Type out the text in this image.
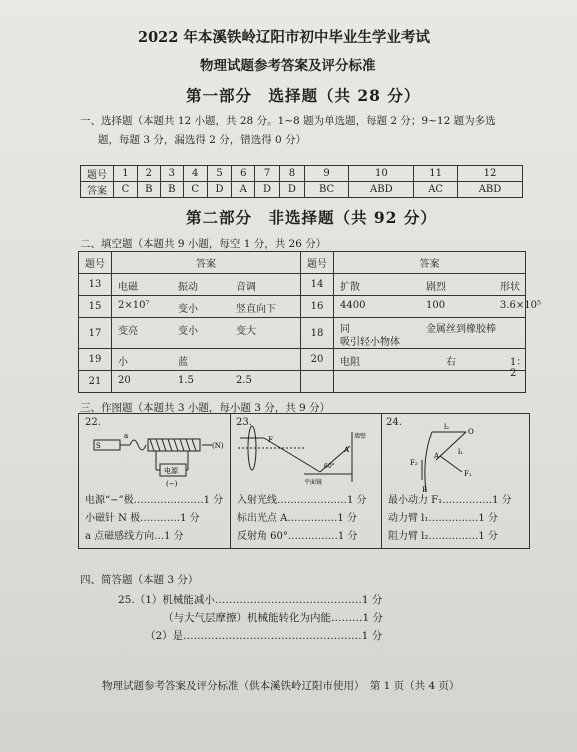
2022 年本溪铁岭辽阳市初中毕业生学业考试
物理试题参考答案及评分标准
第一部分　选择题（共 28 分）
一、选择题（本题共 12 小题，共 28 分。1~8 题为单选题，每题 2 分；9~12 题为多选
题，每题 3 分，漏选得 2 分，错选得 0 分）
题号	1	2	3	4	5	6	7	8	9	10	11	12
答案	C	B	B	C	D	A	D	D	BC	ABD	AC	ABD
第二部分　非选择题（共 92 分）
二、填空题（本题共 9 小题，每空 1 分，共 26 分）
题号	答案	题号	答案
13	电磁 振动 音调	14	扩散 剧烈 形状

15	2×10⁷ 变小 竖直向下	16	4400 100 3.6×10⁵

17	变亮 变小 变大	18	同 金属丝到橡胶棒
吸引轻小物体

19	小 蓝	20	电阻 右 1：2

21	20 1.5 2.5		

三、作图题（本题共 3 小题，每小题 3 分，共 9 分）
22.
S
a
电源
(−)
(N)
23.
F
A
60°
平面镜
墙壁
24.	l₂
O
F₂
F₁
A	l₁
B
电源“−”极…………………1 分
小磁针 N 极…………1 分
a 点磁感线方向…1 分
入射光线…………………1 分
标出光点 A……………1 分
反射角 60°……………1 分
最小动力 F₁……………1 分
动力臂 l₁……………1 分
阻力臂 l₂……………1 分
四、简答题（本题 3 分）
25.（1）机械能减小……………………………………1 分
（与大气层摩擦）机械能转化为内能………1 分
（2）是……………………………………………1 分
物理试题参考答案及评分标准（供本溪铁岭辽阳市使用）　第 1 页（共 4 页）
